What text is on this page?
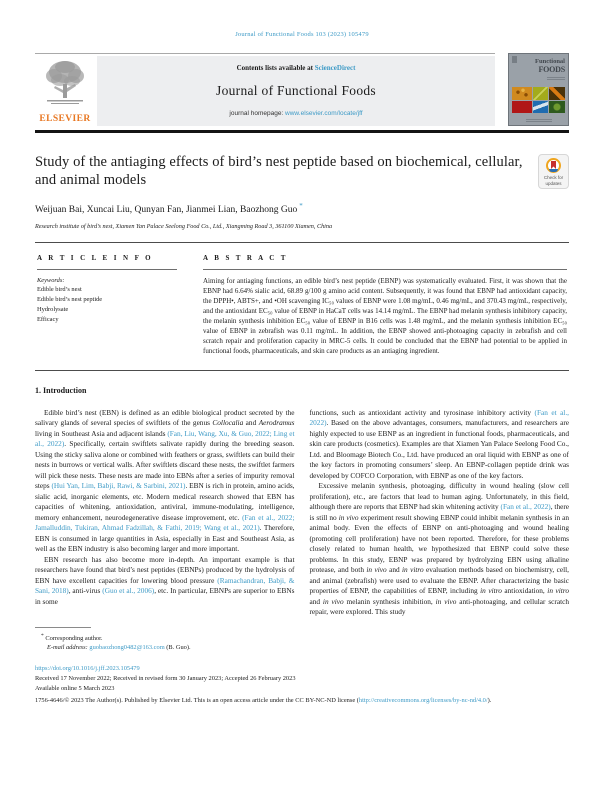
Journal of Functional Foods 103 (2023) 105479
ELSEVIER
Contents lists available at ScienceDirect
Journal of Functional Foods
journal homepage: www.elsevier.com/locate/jff
Functional
FOODS
Study of the antiaging effects of bird’s nest peptide based on biochemical, cellular, and animal models	Check for updates
Weijuan Bai, Xuncai Liu, Qunyan Fan, Jianmei Lian, Baozhong Guo *
Research institute of bird’s nest, Xiamen Yan Palace Seelong Food Co., Ltd., Xiangming Road 3, 361100 Xiamen, China
A R T I C L E I N F O
Keywords:
Edible bird’s nest
Edible bird’s nest peptide
Hydrolysate
Efficacy
A B S T R A C T
Aiming for antiaging functions, an edible bird’s nest peptide (EBNP) was systematically evaluated. First, it was shown that the EBNP had 6.64% sialic acid, 68.89 g/100 g amino acid content. Subsequently, it was found that EBNP had antioxidant capacity, the DPPH•, ABTS+, and •OH scavenging IC₅₀ values of EBNP were 1.08 mg/mL, 0.46 mg/mL, and 370.43 mg/mL, respectively, and the antioxidant EC₅₀ value of EBNP in HaCaT cells was 14.14 mg/mL. The EBNP had melanin synthesis inhibitory capacity, the melanin synthesis inhibition EC₅₀ value of EBNP in B16 cells was 1.48 mg/mL, and the melanin synthesis inhibition EC₅₀ value of EBNP in zebrafish was 0.11 mg/mL. In addition, the EBNP showed anti-photoaging capacity in zebrafish and cell scratch repair and proliferation capacity in MRC-5 cells. It could be concluded that the EBNP had potential to be applied in functional foods, pharmaceuticals, and skin care products as an antiaging ingredient.
1. Introduction

Edible bird’s nest (EBN) is defined as an edible biological product secreted by the salivary glands of several species of swiftlets of the genus Collocalia and Aerodramus living in Southeast Asia and adjacent islands (Fan, Liu, Wang, Xu, & Guo, 2022; Ling et al., 2022). Specifically, certain swiftlets salivate rapidly during the breeding season. Using the sticky saliva alone or combined with feathers or grass, swiftlets can build their nests in burrows or vertical walls. After swiftlets discard these nests, the swiftlet farmers will pick these nests. These nests are made into EBNs after a series of impurity removal steps (Hui Yan, Lim, Babji, Rawi, & Sarbini, 2021). EBN is rich in protein, amino acids, sialic acid, inorganic elements, etc. Modern medical research showed that EBN has capacities of whitening, antioxidation, antiviral, immune-modulating, intelligence, memory enhancement, neurodegenerative disease improvement, etc. (Fan et al., 2022; Jamalluddin, Tukiran, Ahmad Fadzillah, & Fathi, 2019; Wang et al., 2021). Therefore, EBN is consumed in large quantities in Asia, especially in East and Southeast Asia, as well as the EBN industry is also becoming larger and more important.

EBN research has also become more in-depth. An important example is that researchers have found that bird’s nest peptides (EBNPs) produced by the hydrolysis of EBN have excellent capacities for lowering blood pressure (Ramachandran, Babji, & Sani, 2018), anti-virus (Guo et al., 2006), etc. In particular, EBNPs are superior to EBNs in some

functions, such as antioxidant activity and tyrosinase inhibitory activity (Fan et al., 2022). Based on the above advantages, consumers, manufacturers, and researchers are highly expected to use EBNP as an ingredient in functional foods, pharmaceuticals, and skin care products (cosmetics). Examples are that Xiamen Yan Palace Seelong Food Co., Ltd. and Bloomage Biotech Co., Ltd. have produced an oral liquid with EBNP as one of the key factors in promoting consumers’ sleep. An EBNP-collagen peptide drink was developed by COFCO Corporation, with EBNP as one of the key factors.

Excessive melanin synthesis, photoaging, difficulty in wound healing (slow cell proliferation), etc., are factors that lead to human aging. Unfortunately, in this field, although there are reports that EBNP had skin whitening activity (Fan et al., 2022), there is still no in vivo experiment result showing EBNP could inhibit melanin synthesis in an animal body. Even the effects of EBNP on anti-photoaging and wound healing (promoting cell proliferation) have not been reported. Therefore, for these problems closely related to human health, we hypothesized that EBNP could solve these problems. In this study, EBNP was prepared by hydrolyzing EBN using alkaline protease, and both in vivo and in vitro evaluation methods based on biochemistry, cell, and animal (zebrafish) were used to evaluate the EBNP. After characterizing the basic properties of EBNP, the capabilities of EBNP, including in vitro antioxidation, in vitro and in vivo melanin synthesis inhibition, in vivo anti-photoaging, and cellular scratch repair, were explored. This study

* Corresponding author.
E-mail address: guobaozhong0482@163.com (B. Guo).
https://doi.org/10.1016/j.jff.2023.105479
Received 17 November 2022; Received in revised form 30 January 2023; Accepted 26 February 2023
Available online 5 March 2023
1756-4646/© 2023 The Author(s). Published by Elsevier Ltd. This is an open access article under the CC BY-NC-ND license (http://creativecommons.org/licenses/by-nc-nd/4.0/).
